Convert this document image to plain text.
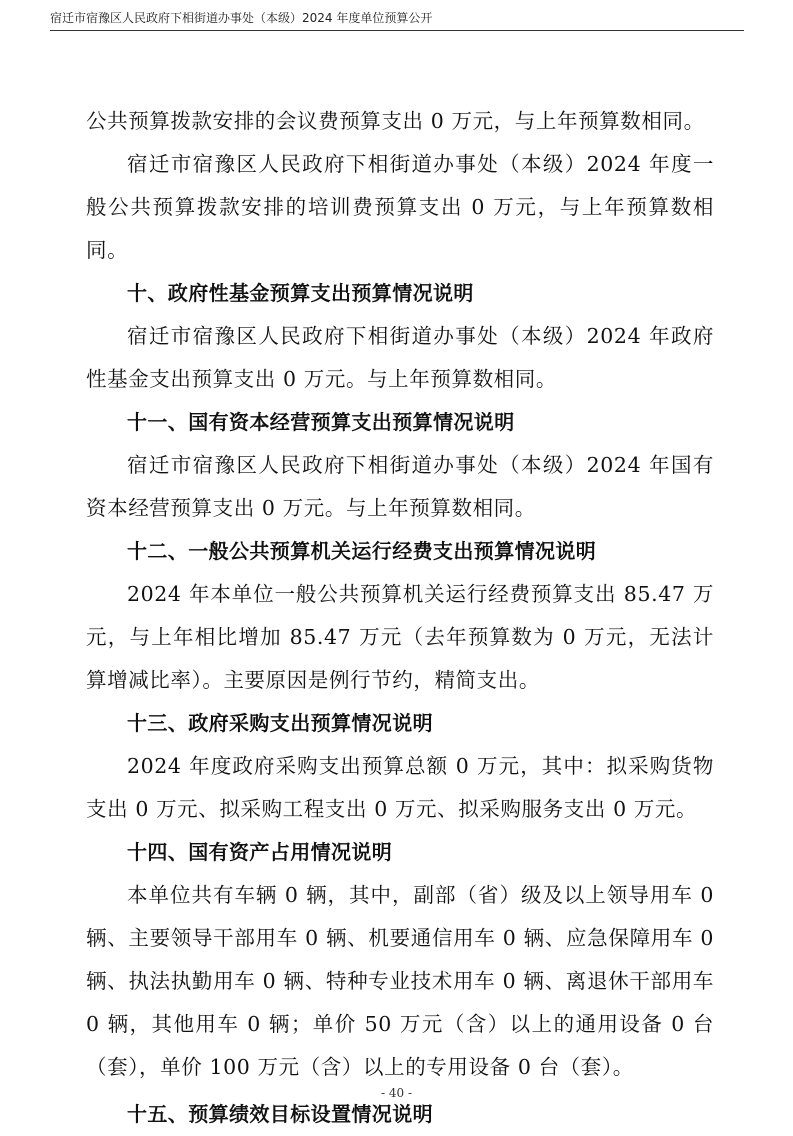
宿迁市宿豫区人民政府下相街道办事处（本级）2024 年度单位预算公开

公共预算拨款安排的会议费预算支出 0 万元，与上年预算数相同。

宿迁市宿豫区人民政府下相街道办事处（本级）2024 年度一般公共预算拨款安排的培训费预算支出 0 万元，与上年预算数相同。

十、政府性基金预算支出预算情况说明

宿迁市宿豫区人民政府下相街道办事处（本级）2024 年政府性基金支出预算支出 0 万元。与上年预算数相同。

十一、国有资本经营预算支出预算情况说明

宿迁市宿豫区人民政府下相街道办事处（本级）2024 年国有资本经营预算支出 0 万元。与上年预算数相同。

十二、一般公共预算机关运行经费支出预算情况说明

2024 年本单位一般公共预算机关运行经费预算支出 85.47 万元，与上年相比增加 85.47 万元（去年预算数为 0 万元，无法计算增减比率）。主要原因是例行节约，精简支出。

十三、政府采购支出预算情况说明

2024 年度政府采购支出预算总额 0 万元，其中：拟采购货物支出 0 万元、拟采购工程支出 0 万元、拟采购服务支出 0 万元。

十四、国有资产占用情况说明

本单位共有车辆 0 辆，其中，副部（省）级及以上领导用车 0 辆、主要领导干部用车 0 辆、机要通信用车 0 辆、应急保障用车 0 辆、执法执勤用车 0 辆、特种专业技术用车 0 辆、离退休干部用车 0 辆，其他用车 0 辆；单价 50 万元（含）以上的通用设备 0 台（套），单价 100 万元（含）以上的专用设备 0 台（套）。

十五、预算绩效目标设置情况说明

- 40 -
